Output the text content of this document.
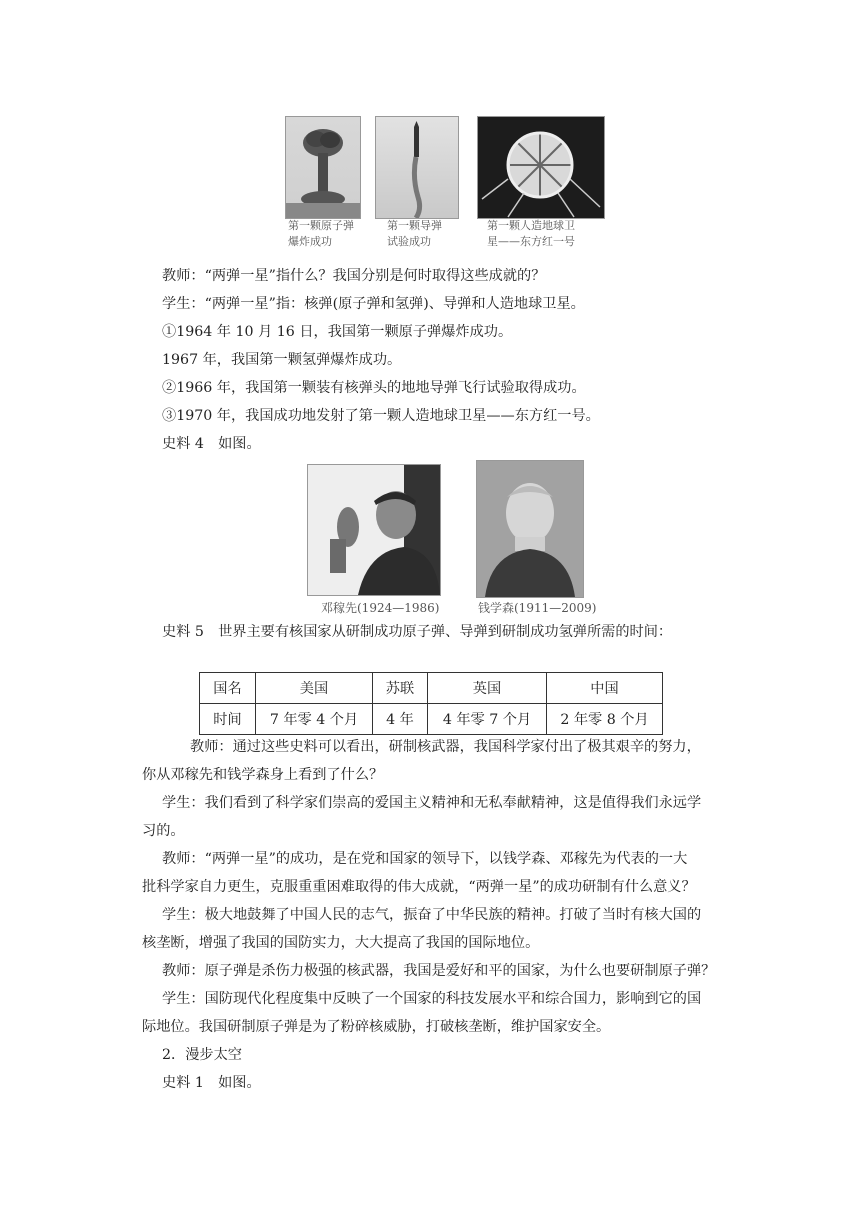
第一颗原子弹
爆炸成功
第一颗导弹
试验成功
第一颗人造地球卫
星——东方红一号
教师：“两弹一星”指什么？我国分别是何时取得这些成就的？
学生：“两弹一星”指：核弹(原子弹和氢弹)、导弹和人造地球卫星。
①1964 年 10 月 16 日，我国第一颗原子弹爆炸成功。
1967 年，我国第一颗氢弹爆炸成功。
②1966 年，我国第一颗装有核弹头的地地导弹飞行试验取得成功。
③1970 年，我国成功地发射了第一颗人造地球卫星——东方红一号。
史料 4　如图。
邓稼先(1924—1986)	钱学森(1911—2009)
史料 5　世界主要有核国家从研制成功原子弹、导弹到研制成功氢弹所需的时间：
国名	美国	苏联	英国	中国
时间	7 年零 4 个月	4 年	4 年零 7 个月	2 年零 8 个月
教师：通过这些史料可以看出，研制核武器，我国科学家付出了极其艰辛的努力，
你从邓稼先和钱学森身上看到了什么？
学生：我们看到了科学家们崇高的爱国主义精神和无私奉献精神，这是值得我们永远学
习的。
教师：“两弹一星”的成功，是在党和国家的领导下，以钱学森、邓稼先为代表的一大
批科学家自力更生，克服重重困难取得的伟大成就，“两弹一星”的成功研制有什么意义？
学生：极大地鼓舞了中国人民的志气，振奋了中华民族的精神。打破了当时有核大国的
核垄断，增强了我国的国防实力，大大提高了我国的国际地位。
教师：原子弹是杀伤力极强的核武器，我国是爱好和平的国家，为什么也要研制原子弹？
学生：国防现代化程度集中反映了一个国家的科技发展水平和综合国力，影响到它的国
际地位。我国研制原子弹是为了粉碎核威胁，打破核垄断，维护国家安全。
2．漫步太空
史料 1　如图。
